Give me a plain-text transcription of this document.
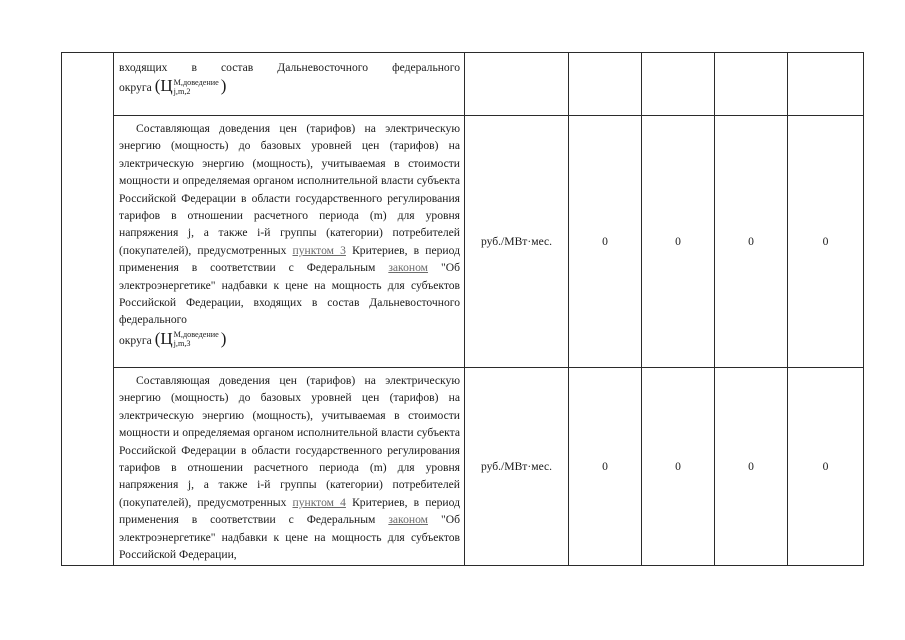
	входящих в состав Дальневосточного федерального
округа (Ц М,доведение
j,m,2 )					

	Составляющая доведения цен (тарифов) на электрическую энергию (мощность) до базовых уровней цен (тарифов) на электрическую энергию (мощность), учитываемая в стоимости мощности и определяемая органом исполнительной власти субъекта Российской Федерации в области государственного регулирования тарифов в отношении расчетного периода (m) для уровня напряжения j, а также i-й группы (категории) потребителей (покупателей), предусмотренных пунктом 3 Критериев, в период применения в соответствии с Федеральным законом "Об электроэнергетике" надбавки к цене на мощность для субъектов Российской Федерации, входящих в состав Дальневосточного федерального
округа (Ц М,доведение
j,m,3 )	руб./МВт·мес.	0	0	0	0

	Составляющая доведения цен (тарифов) на электрическую энергию (мощность) до базовых уровней цен (тарифов) на электрическую энергию (мощность), учитываемая в стоимости мощности и определяемая органом исполнительной власти субъекта Российской Федерации в области государственного регулирования тарифов в отношении расчетного периода (m) для уровня напряжения j, а также i-й группы (категории) потребителей (покупателей), предусмотренных пунктом 4 Критериев, в период применения в соответствии с Федеральным законом "Об электроэнергетике" надбавки к цене на мощность для субъектов Российской Федерации,	руб./МВт·мес.	0	0	0	0
